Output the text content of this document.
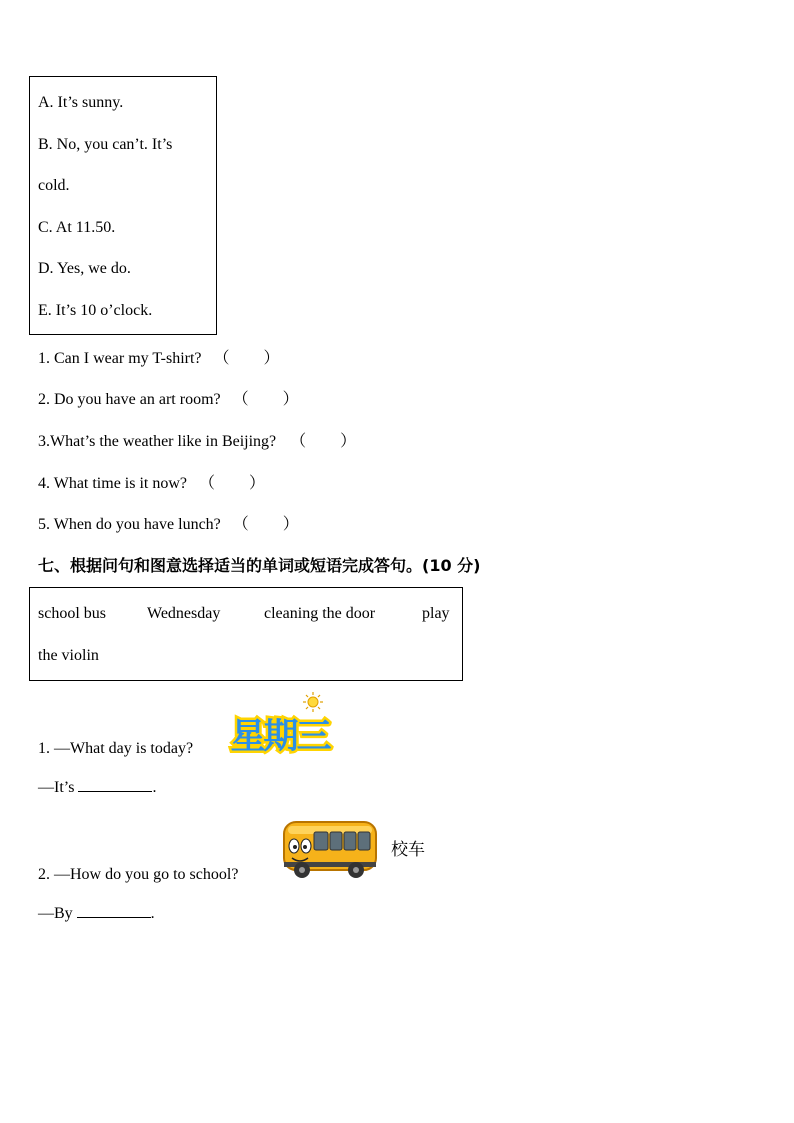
A. It’s sunny.
B. No, you can’t. It’s
cold.
C. At 11.50.
D. Yes, we do.
E. It’s 10 o’clock.
1. Can I wear my T-shirt? （ ）
2. Do you have an art room? （ ）
3.What’s the weather like in Beijing? （ ）
4. What time is it now? （ ）
5. When do you have lunch? （ ）
七、根据问句和图意选择适当的单词或短语完成答句。(10 分)
school bus	Wednesday	cleaning the door	play
the violin
1. —What day is today?
—It’s	.
星期三
2. —How do you go to school?
—By	.
校车
